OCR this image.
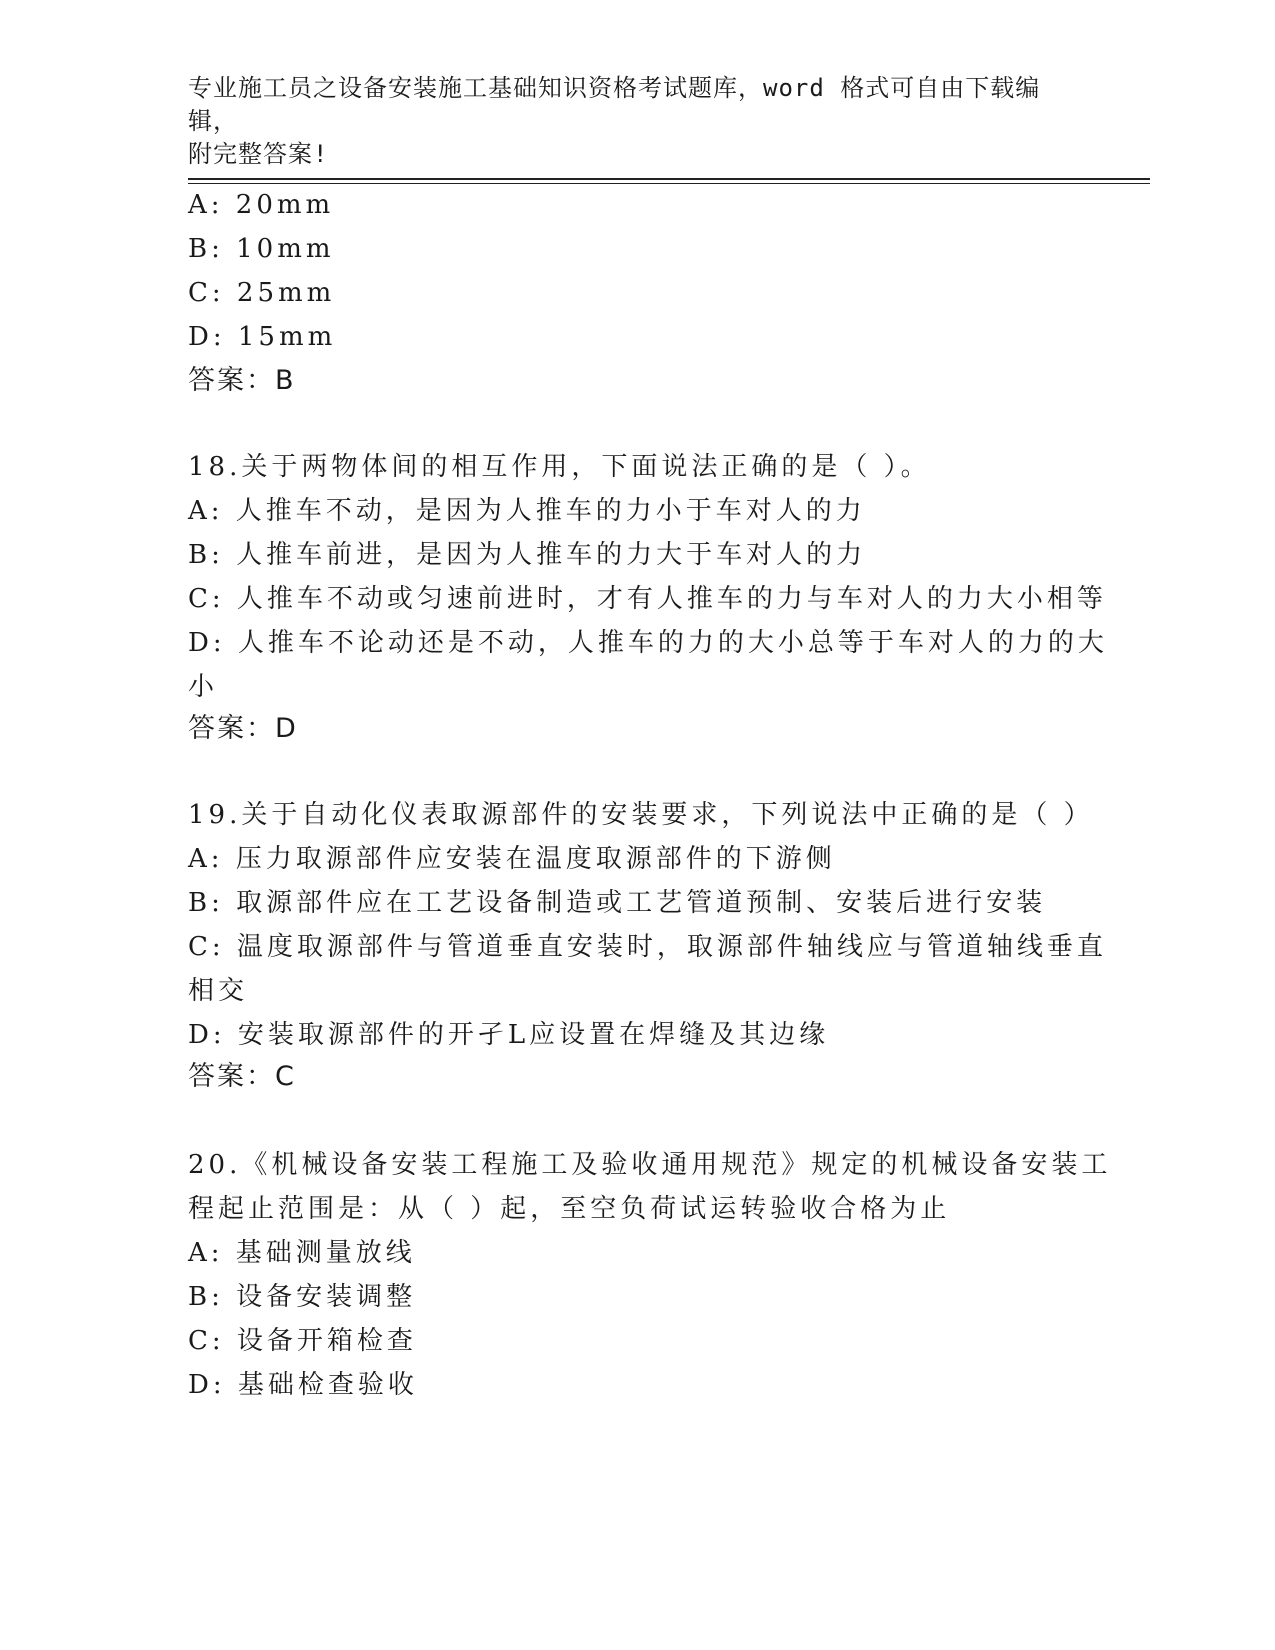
专业施工员之设备安装施工基础知识资格考试题库，word 格式可自由下载编辑，
附完整答案!
A: 20mm
B: 10mm
C: 25mm
D: 15mm
答案：B
18.关于两物体间的相互作用，下面说法正确的是（ ）。
A: 人推车不动，是因为人推车的力小于车对人的力
B: 人推车前进，是因为人推车的力大于车对人的力
C: 人推车不动或匀速前进时，才有人推车的力与车对人的力大小相等
D: 人推车不论动还是不动，人推车的力的大小总等于车对人的力的大
小
答案：D
19.关于自动化仪表取源部件的安装要求，下列说法中正确的是（ ）
A: 压力取源部件应安装在温度取源部件的下游侧
B: 取源部件应在工艺设备制造或工艺管道预制、安装后进行安装
C: 温度取源部件与管道垂直安装时，取源部件轴线应与管道轴线垂直
相交
D: 安装取源部件的开孑L应设置在焊缝及其边缘
答案：C
20.《机械设备安装工程施工及验收通用规范》规定的机械设备安装工
程起止范围是：从（ ）起，至空负荷试运转验收合格为止
A: 基础测量放线
B: 设备安装调整
C: 设备开箱检查
D: 基础检查验收
